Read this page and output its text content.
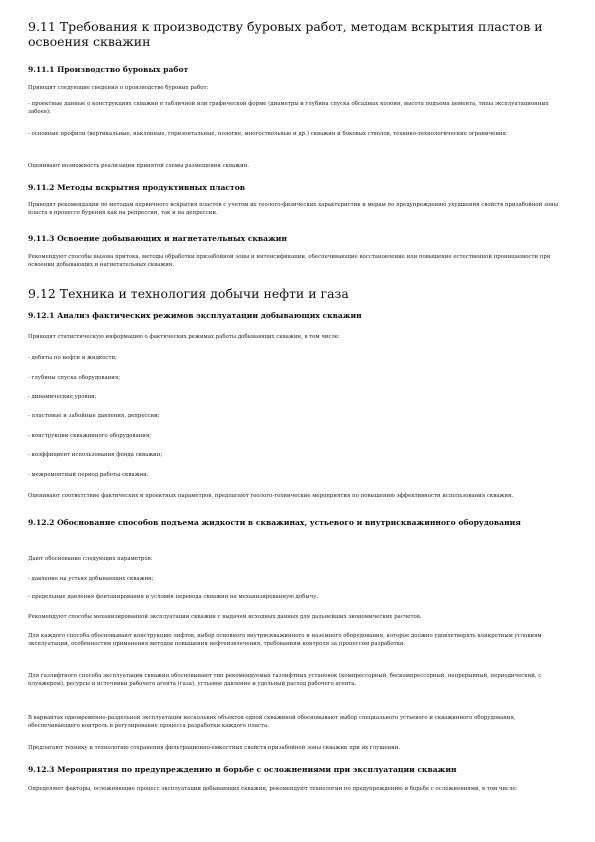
9.11 Требования к производству буровых работ, методам вскрытия пластов и освоения скважин
9.11.1 Производство буровых работ
Приводят следующие сведения о производстве буровых работ:
- проектные данные о конструкциях скважин в табличной или графической форме (диаметры и глубина спуска обсадных колонн, высота подъема цемента, типы эксплуатационных забоев);
- основные профили (вертикальные, наклонные, горизонтальные, пологие, многоствольные и др.) скважин и боковых стволов, технико-технологические ограничения.
Оценивают возможность реализации принятой схемы размещения скважин.
9.11.2 Методы вскрытия продуктивных пластов
Приводят рекомендации по методам первичного вскрытия пластов с учетом их геолого-физических характеристик и мерам по предупреждению ухудшения свойств призабойной зоны пласта в процессе бурения как на репрессии, так и на депрессии.
9.11.3 Освоение добывающих и нагнетательных скважин
Рекомендуют способы вызова притока, методы обработки призабойной зоны и интенсификации, обеспечивающие восстановление или повышение естественной проницаемости при освоении добывающих и нагнетательных скважин.
9.12 Техника и технология добычи нефти и газа
9.12.1 Анализ фактических режимов эксплуатации добывающих скважин
Приводят статистическую информацию о фактических режимах работы добывающих скважин, в том числе:
- дебиты по нефти и жидкости;
- глубины спуска оборудования;
- динамические уровни;
- пластовые и забойные давления, депрессии;
- конструкции скважинного оборудования;
- коэффициент использования фонда скважин;
- межремонтный период работы скважин.
Оценивают соответствие фактических и проектных параметров, предлагают геолого-технические мероприятия по повышению эффективности использования скважин.
9.12.2 Обоснование способов подъема жидкости в скважинах, устьевого и внутрискважинного оборудования
Дают обоснование следующих параметров:
- давление на устьях добывающих скважин;
- предельные давления фонтанирования и условия перевода скважин на механизированную добычу.
Рекомендуют способы механизированной эксплуатации скважин с выдачей исходных данных для дальнейших экономических расчетов.
Для каждого способа обосновывают конструкцию лифтов, выбор основного внутрискважинного и наземного оборудования, которое должно удовлетворять конкретным условиям эксплуатации, особенностям применения методов повышения нефтеизвлечения, требованиям контроля за процессом разработки.
Для газлифтного способа эксплуатации скважин обосновывают тип рекомендуемых газлифтных установок (компрессорный, бескомпрессорный, непрерывный, периодический, с плунжером), ресурсы и источники рабочего агента (газа), устьевое давление и удельный расход рабочего агента.
В вариантах одновременно-раздельной эксплуатации нескольких объектов одной скважиной обосновывают выбор специального устьевого и скважинного оборудования, обеспечивающего контроль и регулирование процесса разработки каждого пласта.
Предлагают технику и технологию сохранения фильтрационно-емкостных свойств призабойной зоны скважин при их глушении.
9.12.3 Мероприятия по предупреждению и борьбе с осложнениями при эксплуатации скважин
Определяют факторы, осложняющие процесс эксплуатации добывающих скважин, рекомендуют технологии по предупреждению и борьбе с осложнениями, в том числе:
